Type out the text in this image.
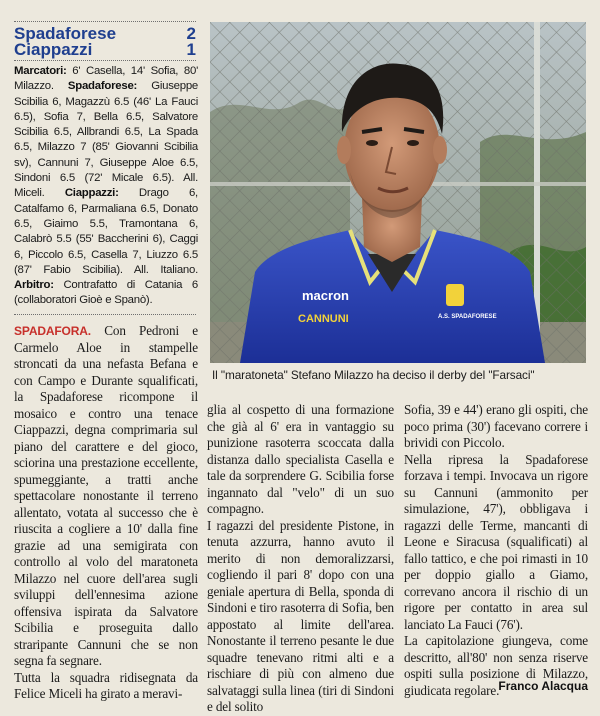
Spadaforese	2
Ciappazzi	1
Marcatori: 6' Casella, 14' Sofia, 80' Milazzo. Spadaforese: Giuseppe Scibilia 6, Magazzù 6.5 (46' La Fauci 6.5), Sofia 7, Bella 6.5, Salvatore Scibilia 6.5, Allbrandi 6.5, La Spada 6.5, Milazzo 7 (85' Giovanni Scibilia sv), Cannuni 7, Giuseppe Aloe 6.5, Sindoni 6.5 (72' Micale 6.5). All. Miceli. Ciappazzi: Drago 6, Catalfamo 6, Parmaliana 6.5, Donato 6.5, Giaimo 5.5, Tramontana 6, Calabrò 5.5 (55' Baccherini 6), Caggi 6, Piccolo 6.5, Casella 7, Liuzzo 6.5 (87' Fabio Scibilia). All. Italiano. Arbitro: Contrafatto di Catania 6 (collaboratori Gioè e Spanò).	macron
CANNUNI	A.S. SPADAFORESE
Il "maratoneta" Stefano Milazzo ha deciso il derby del "Farsaci"
SPADAFORA. Con Pedroni e Carmelo Aloe in stampelle stroncati da una nefasta Befana e con Campo e Durante squalificati, la Spadaforese ricompone il mosaico e contro una tenace Ciappazzi, degna comprimaria sul piano del carattere e del gioco, sciorina una prestazione eccellente, spumeggiante, a tratti anche spettacolare nonostante il terreno allentato, votata al successo che è riuscita a cogliere a 10' dalla fine grazie ad una semigirata con controllo al volo del maratoneta Milazzo nel cuore dell'area sugli sviluppi dell'ennesima azione offensiva ispirata da Salvatore Scibilia e proseguita dallo straripante Cannuni che se non segna fa segnare.
Tutta la squadra ridisegnata da Felice Miceli ha girato a meravi-
glia al cospetto di una formazione che già al 6' era in vantaggio su punizione rasoterra scoccata dalla distanza dallo specialista Casella e tale da sorprendere G. Scibilia forse ingannato dal "velo" di un suo compagno.
I ragazzi del presidente Pistone, in tenuta azzurra, hanno avuto il merito di non demoralizzarsi, cogliendo il pari 8' dopo con una geniale apertura di Bella, sponda di Sindoni e tiro rasoterra di Sofia, ben appostato al limite dell'area. Nonostante il terreno pesante le due squadre tenevano ritmi alti e a rischiare di più con almeno due salvataggi sulla linea (tiri di Sindoni e del solito
Sofia, 39 e 44') erano gli ospiti, che poco prima (30') facevano correre i brividi con Piccolo.
Nella ripresa la Spadaforese forzava i tempi. Invocava un rigore su Cannuni (ammonito per simulazione, 47'), obbligava i ragazzi delle Terme, mancanti di Leone e Siracusa (squalificati) al fallo tattico, e che poi rimasti in 10 per doppio giallo a Giamo, correvano ancora il rischio di un rigore per contatto in area sul lanciato La Fauci (76').
La capitolazione giungeva, come descritto, all'80' non senza riserve ospiti sulla posizione di Milazzo, giudicata regolare. Franco Alacqua
